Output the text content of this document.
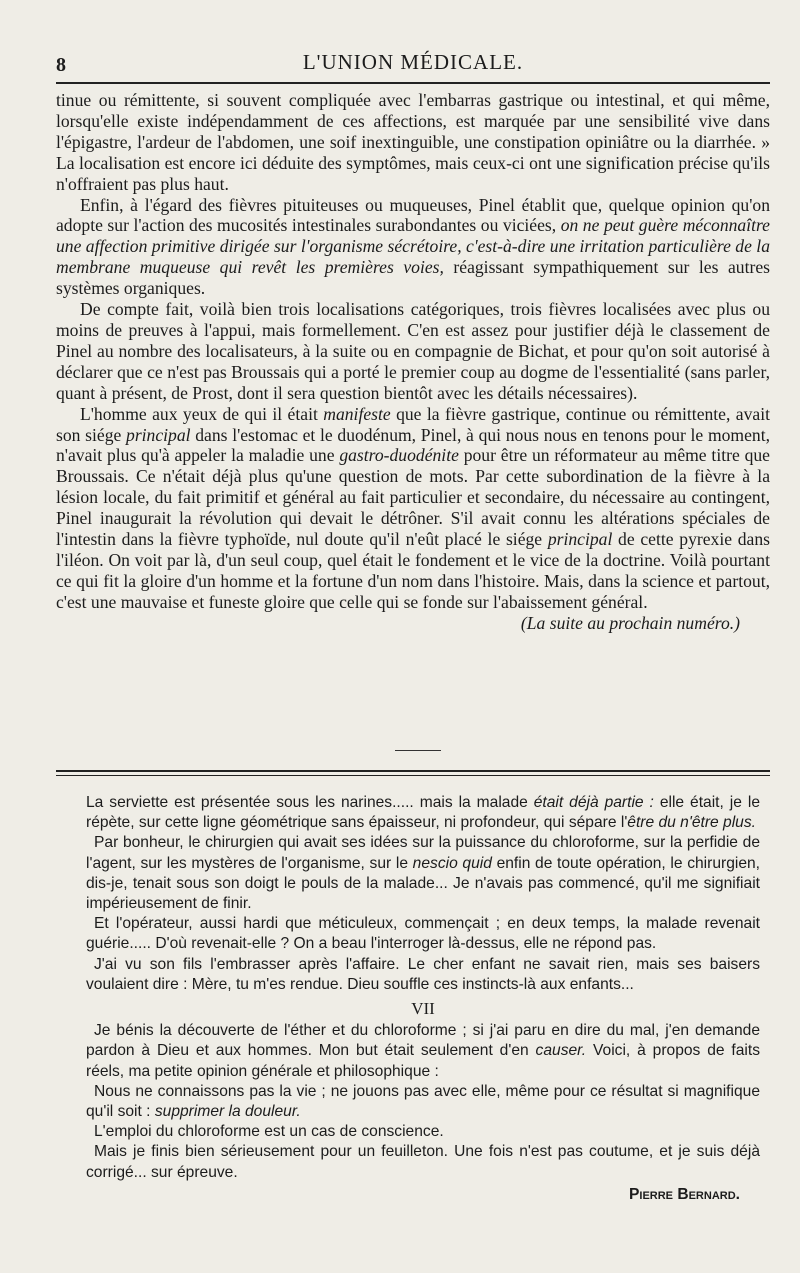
8	L'UNION MÉDICALE.

tinue ou rémittente, si souvent compliquée avec l'embarras gastrique ou intestinal, et qui même, lorsqu'elle existe indépendamment de ces affections, est marquée par une sensibilité vive dans l'épigastre, l'ardeur de l'abdomen, une soif inextinguible, une constipation opiniâtre ou la diarrhée. » La localisation est encore ici déduite des symptômes, mais ceux-ci ont une signification précise qu'ils n'offraient pas plus haut.

Enfin, à l'égard des fièvres pituiteuses ou muqueuses, Pinel établit que, quelque opinion qu'on adopte sur l'action des mucosités intestinales surabondantes ou viciées, on ne peut guère méconnaître une affection primitive dirigée sur l'organisme sécrétoire, c'est-à-dire une irritation particulière de la membrane muqueuse qui revêt les premières voies, réagissant sympathiquement sur les autres systèmes organiques.

De compte fait, voilà bien trois localisations catégoriques, trois fièvres localisées avec plus ou moins de preuves à l'appui, mais formellement. C'en est assez pour justifier déjà le classement de Pinel au nombre des localisateurs, à la suite ou en compagnie de Bichat, et pour qu'on soit autorisé à déclarer que ce n'est pas Broussais qui a porté le premier coup au dogme de l'essentialité (sans parler, quant à présent, de Prost, dont il sera question bientôt avec les détails nécessaires).

L'homme aux yeux de qui il était manifeste que la fièvre gastrique, continue ou rémittente, avait son siége principal dans l'estomac et le duodénum, Pinel, à qui nous nous en tenons pour le moment, n'avait plus qu'à appeler la maladie une gastro-duodénite pour être un réformateur au même titre que Broussais. Ce n'était déjà plus qu'une question de mots. Par cette subordination de la fièvre à la lésion locale, du fait primitif et général au fait particulier et secondaire, du nécessaire au contingent, Pinel inaugurait la révolution qui devait le détrôner. S'il avait connu les altérations spéciales de l'intestin dans la fièvre typhoïde, nul doute qu'il n'eût placé le siége principal de cette pyrexie dans l'iléon. On voit par là, d'un seul coup, quel était le fondement et le vice de la doctrine. Voilà pourtant ce qui fit la gloire d'un homme et la fortune d'un nom dans l'histoire. Mais, dans la science et partout, c'est une mauvaise et funeste gloire que celle qui se fonde sur l'abaissement général.

(La suite au prochain numéro.)

La serviette est présentée sous les narines..... mais la malade était déjà partie : elle était, je le répète, sur cette ligne géométrique sans épaisseur, ni profondeur, qui sépare l'être du n'être plus.

Par bonheur, le chirurgien qui avait ses idées sur la puissance du chloroforme, sur la perfidie de l'agent, sur les mystères de l'organisme, sur le nescio quid enfin de toute opération, le chirurgien, dis-je, tenait sous son doigt le pouls de la malade... Je n'avais pas commencé, qu'il me signifiait impérieusement de finir.

Et l'opérateur, aussi hardi que méticuleux, commençait ; en deux temps, la malade revenait guérie..... D'où revenait-elle ? On a beau l'interroger là-dessus, elle ne répond pas.

J'ai vu son fils l'embrasser après l'affaire. Le cher enfant ne savait rien, mais ses baisers voulaient dire : Mère, tu m'es rendue. Dieu souffle ces instincts-là aux enfants...

VII

Je bénis la découverte de l'éther et du chloroforme ; si j'ai paru en dire du mal, j'en demande pardon à Dieu et aux hommes. Mon but était seulement d'en causer. Voici, à propos de faits réels, ma petite opinion générale et philosophique :

Nous ne connaissons pas la vie ; ne jouons pas avec elle, même pour ce résultat si magnifique qu'il soit : supprimer la douleur.

L'emploi du chloroforme est un cas de conscience.

Mais je finis bien sérieusement pour un feuilleton. Une fois n'est pas coutume, et je suis déjà corrigé... sur épreuve.

Pierre Bernard.
